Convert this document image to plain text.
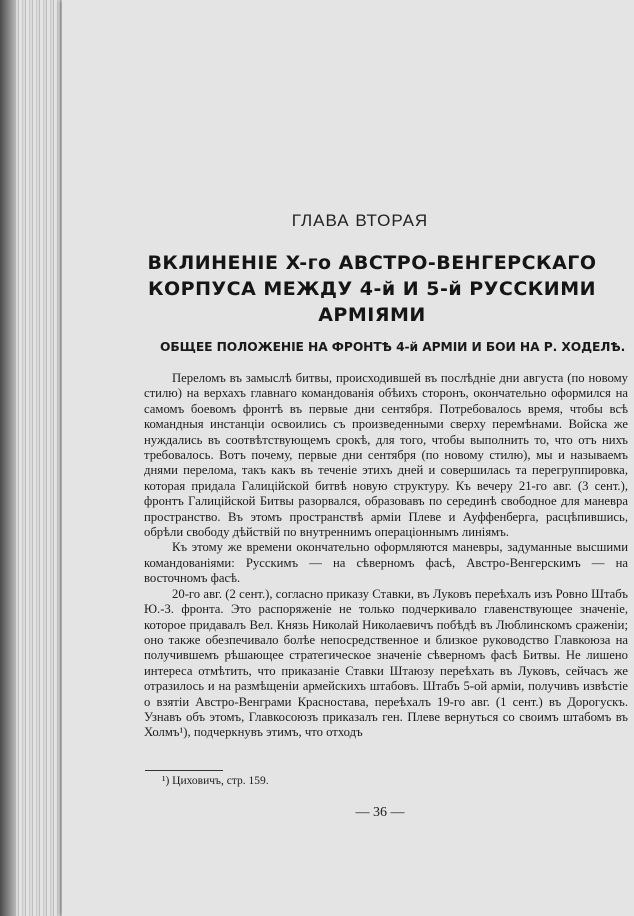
ГЛАВА ВТОРАЯ
ВКЛИНЕНІЕ X-го АВСТРО-ВЕНГЕРСКАГО
КОРПУСА МЕЖДУ 4-й И 5-й РУССКИМИ
АРМІЯМИ
ОБЩЕЕ ПОЛОЖЕНІЕ НА ФРОНТѢ 4-й АРМІИ И БОИ НА Р. ХОДЕЛѢ.

Переломъ въ замыслѣ битвы, происходившей въ послѣдніе дни августа (по новому стилю) на верхахъ главнаго командованія обѣихъ сторонъ, окончательно оформился на самомъ боевомъ фронтѣ въ первые дни сентября. Потребовалось время, чтобы всѣ командныя инстанціи освоились съ произведенными сверху перемѣнами. Войска же нуждались въ соотвѣтствующемъ срокѣ, для того, чтобы выполнить то, что отъ нихъ требовалось. Вотъ почему, первые дни сентября (по новому стилю), мы и называемъ днями перелома, такъ какъ въ теченіе этихъ дней и совершилась та перегруппировка, которая придала Галиційской битвѣ новую структуру. Къ вечеру 21-го авг. (3 сент.), фронтъ Галиційской Битвы разорвался, образовавъ по серединѣ свободное для маневра пространство. Въ этомъ пространствѣ арміи Плеве и Ауффенберга, расцѣпившись, обрѣли свободу дѣйствій по внутреннимъ операціоннымъ линіямъ.

Къ этому же времени окончательно оформляются маневры, задуманные высшими командованіями: Русскимъ — на сѣверномъ фасѣ, Австро-Венгерскимъ — на восточномъ фасѣ.

20-го авг. (2 сент.), согласно приказу Ставки, въ Луковъ переѣхалъ изъ Ровно Штабъ Ю.-З. фронта. Это распоряженіе не только подчеркивало главенствующее значеніе, которое придавалъ Вел. Князь Николай Николаевичъ побѣдѣ въ Люблинскомъ сраженіи; оно также обезпечивало болѣе непосредственное и близкое руководство Главкоюза на получившемъ рѣшающее стратегическое значеніе сѣверномъ фасѣ Битвы. Не лишено интереса отмѣтить, что приказаніе Ставки Штаюзу переѣхать въ Луковъ, сейчасъ же отразилось и на размѣщеніи армейскихъ штабовъ. Штабъ 5-ой арміи, получивъ извѣстіе о взятіи Австро-Венграми Красностава, переѣхалъ 19-го авг. (1 сент.) въ Дорогускъ. Узнавъ объ этомъ, Главкосоюзъ приказалъ ген. Плеве вернуться со своимъ штабомъ въ Холмъ¹), подчеркнувъ этимъ, что отходъ

¹) Циховичъ, стр. 159.
— 36 —
